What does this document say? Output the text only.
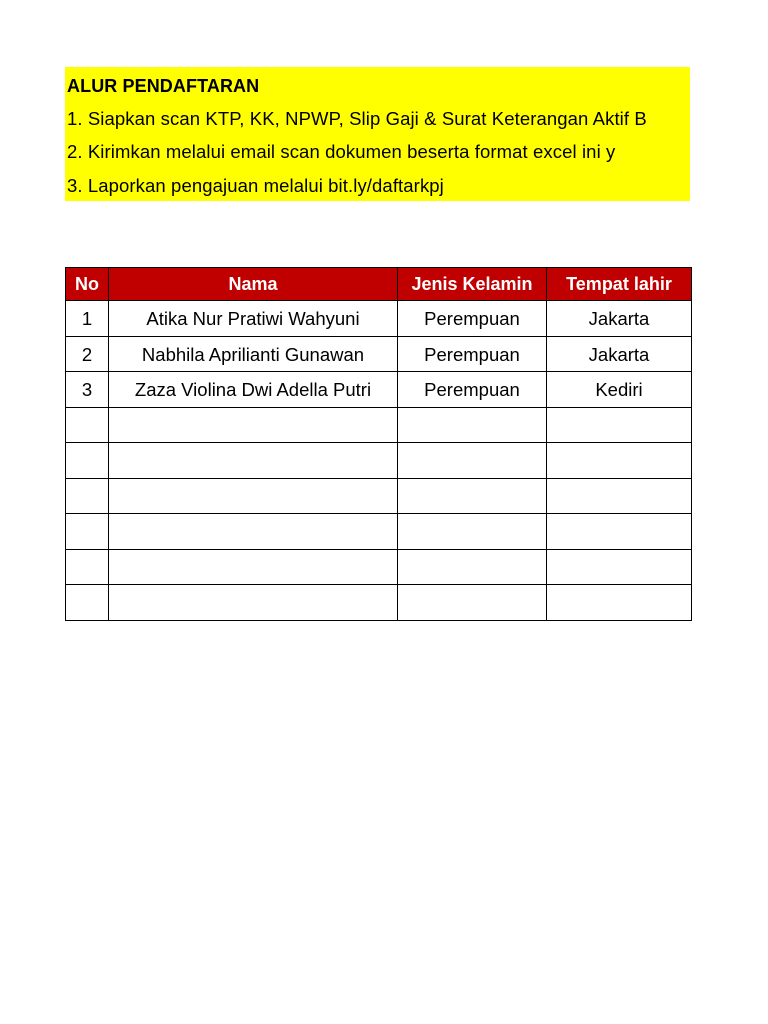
ALUR PENDAFTARAN
1. Siapkan scan KTP, KK, NPWP, Slip Gaji & Surat Keterangan Aktif B
2. Kirimkan melalui email scan dokumen beserta format excel ini y
3. Laporkan pengajuan melalui bit.ly/daftarkpj
No	Nama	Jenis Kelamin	Tempat lahir
1	Atika Nur Pratiwi Wahyuni	Perempuan	Jakarta
2	Nabhila Aprilianti Gunawan	Perempuan	Jakarta
3	Zaza Violina Dwi Adella Putri	Perempuan	Kediri
